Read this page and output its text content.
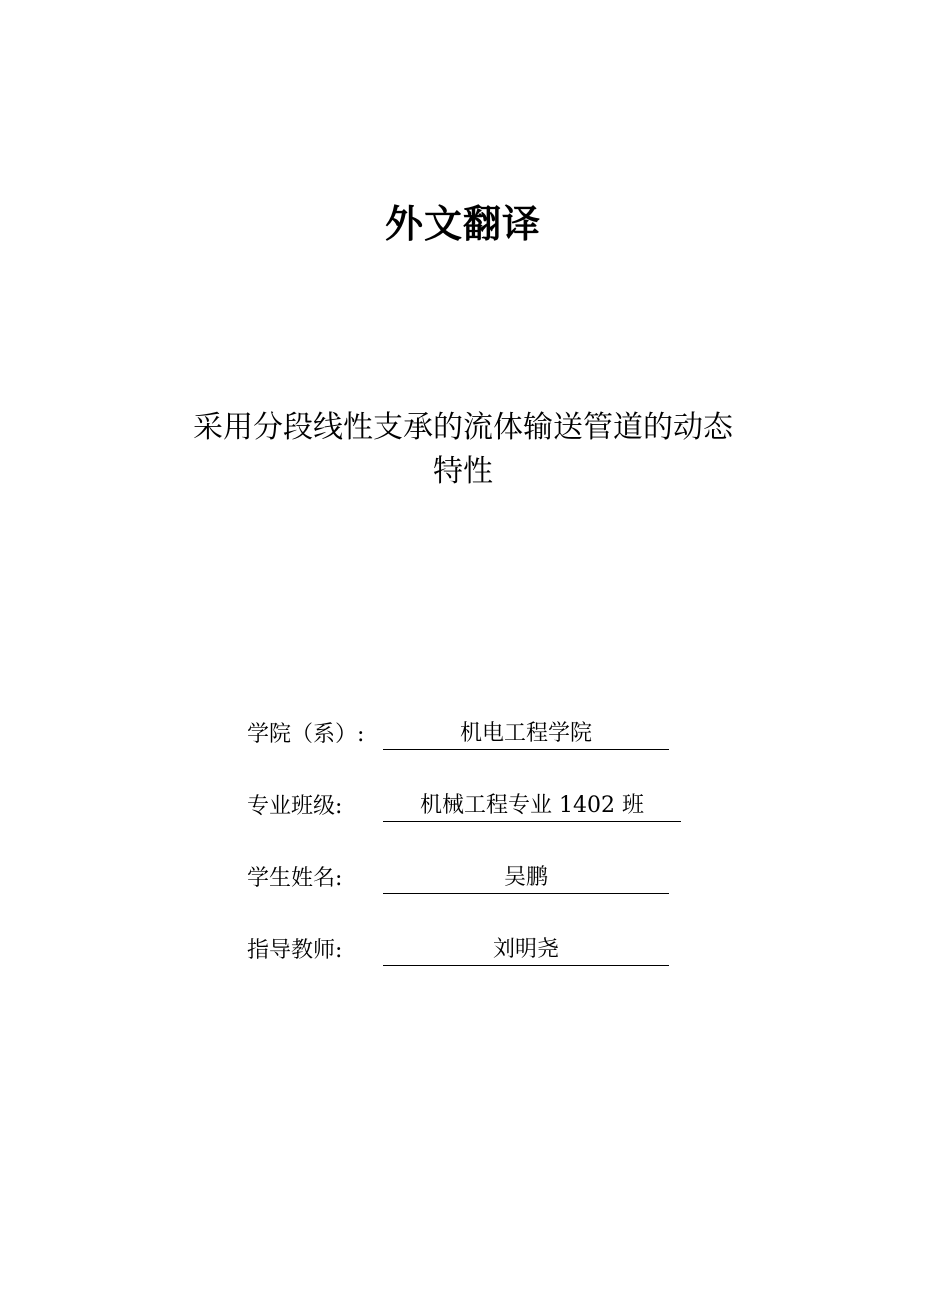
外文翻译
采用分段线性支承的流体输送管道的动态
特性
学院（系）:	机电工程学院
专业班级:	机械工程专业 1402 班
学生姓名:	吴鹏
指导教师:	刘明尧
